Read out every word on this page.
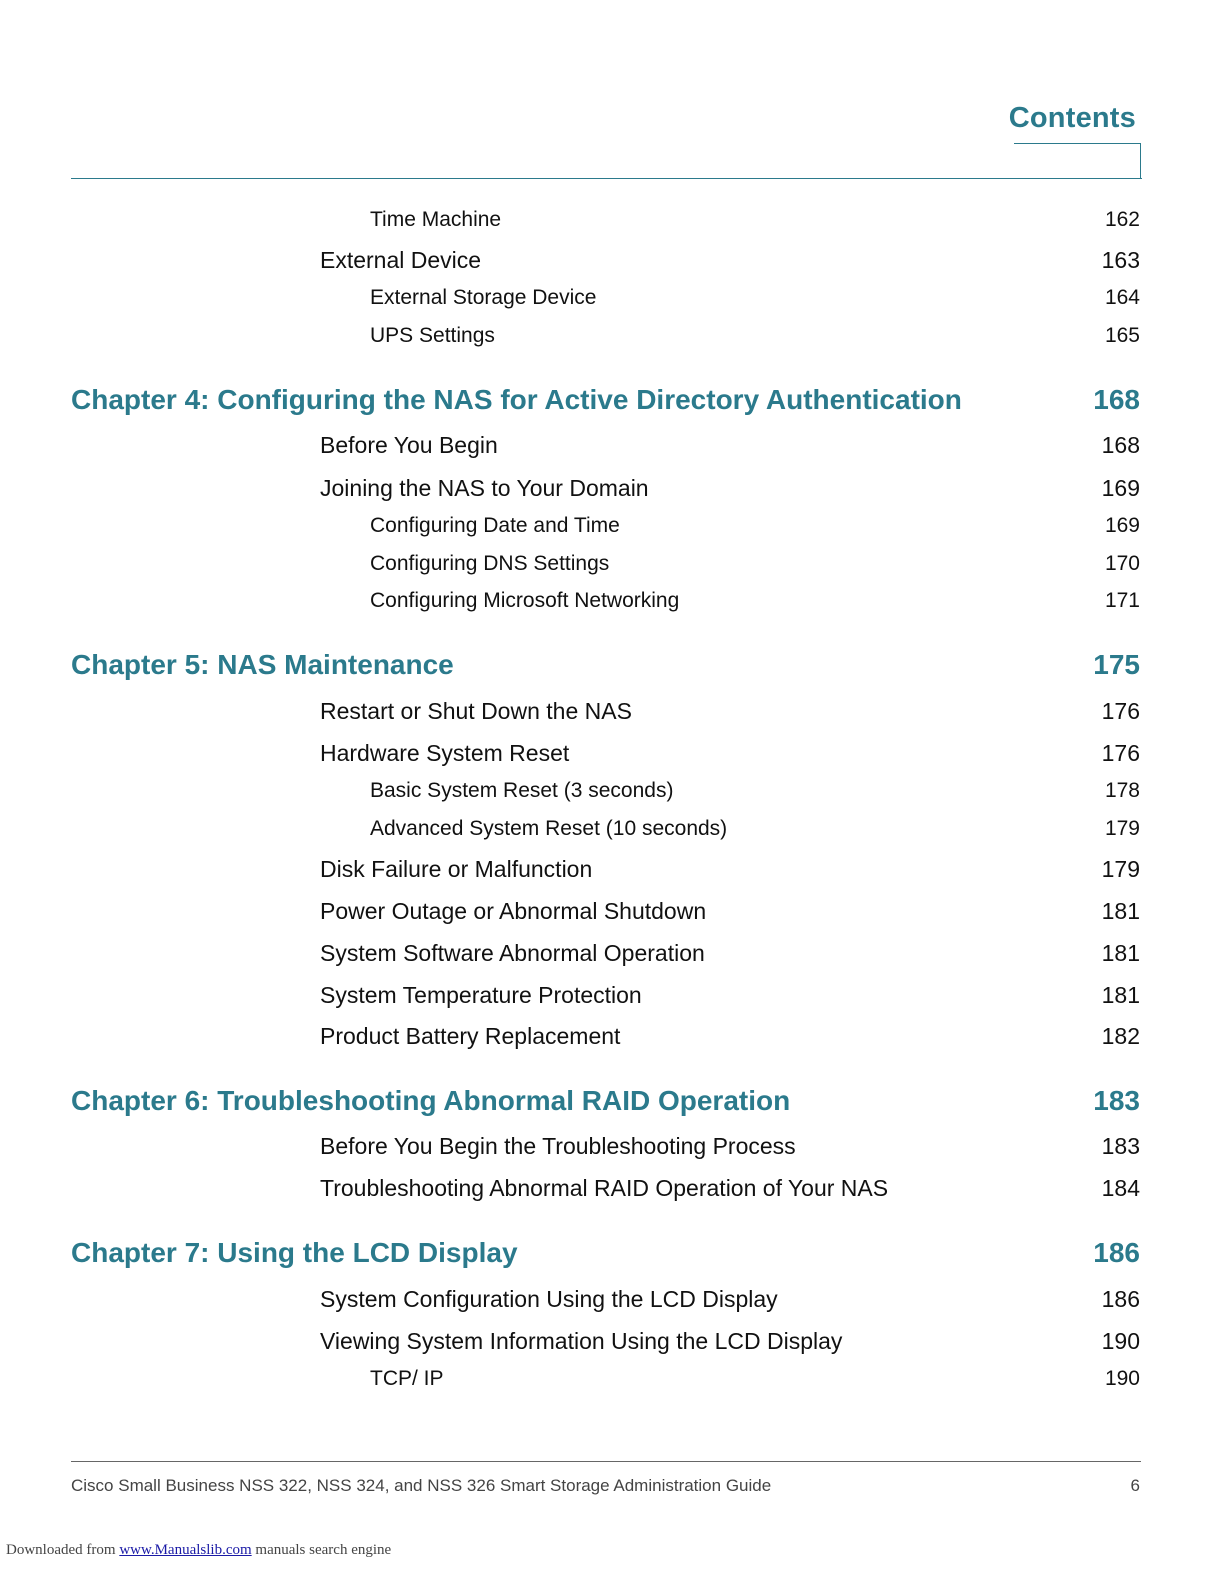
Contents
Time Machine	162
External Device	163
External Storage Device	164
UPS Settings	165
Chapter 4: Configuring the NAS for Active Directory Authentication	168
Before You Begin	168
Joining the NAS to Your Domain	169
Configuring Date and Time	169
Configuring DNS Settings	170
Configuring Microsoft Networking	171
Chapter 5: NAS Maintenance	175
Restart or Shut Down the NAS	176
Hardware System Reset	176
Basic System Reset (3 seconds)	178
Advanced System Reset (10 seconds)	179
Disk Failure or Malfunction	179
Power Outage or Abnormal Shutdown	181
System Software Abnormal Operation	181
System Temperature Protection	181
Product Battery Replacement	182
Chapter 6: Troubleshooting Abnormal RAID Operation	183
Before You Begin the Troubleshooting Process	183
Troubleshooting Abnormal RAID Operation of Your NAS	184
Chapter 7: Using the LCD Display	186
System Configuration Using the LCD Display	186
Viewing System Information Using the LCD Display	190
TCP/ IP	190
Cisco Small Business NSS 322, NSS 324, and NSS 326 Smart Storage Administration Guide	6
Downloaded from www.Manualslib.com manuals search engine
